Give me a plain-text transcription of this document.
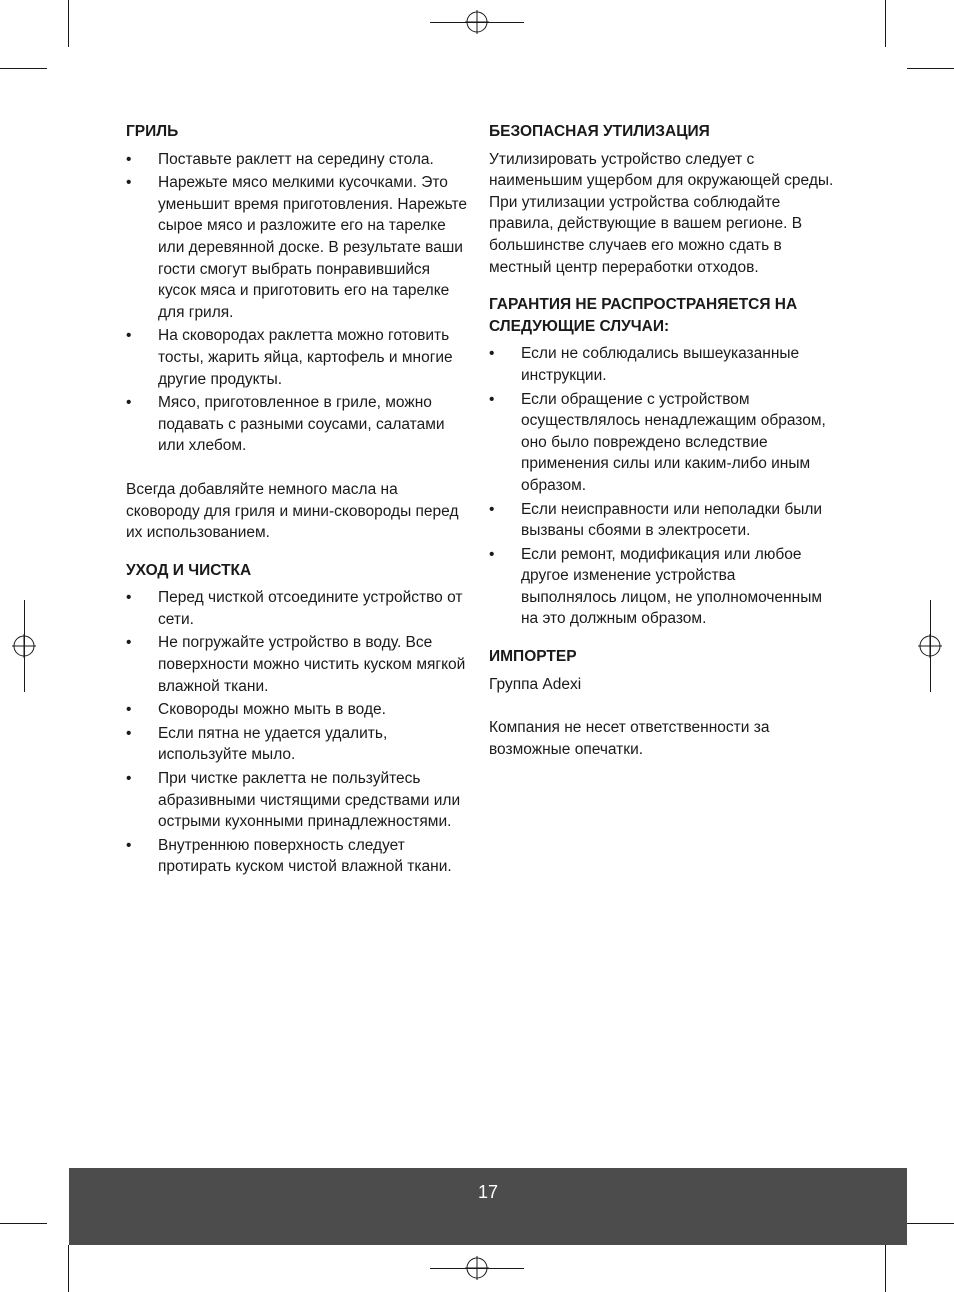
ГРИЛЬ
• Поставьте раклетт на середину стола.
• Нарежьте мясо мелкими кусочками. Это уменьшит время приготовления. Нарежьте сырое мясо и разложите его на тарелке или деревянной доске. В результате ваши гости смогут выбрать понравившийся кусок мяса и приготовить его на тарелке для гриля.
• На сковородах раклетта можно готовить тосты, жарить яйца, картофель и многие другие продукты.
• Мясо, приготовленное в гриле, можно подавать с разными соусами, салатами или хлебом.

Всегда добавляйте немного масла на сковороду для гриля и мини-сковороды перед их использованием.

УХОД И ЧИСТКА
• Перед чисткой отсоедините устройство от сети.
• Не погружайте устройство в воду. Все поверхности можно чистить куском мягкой влажной ткани.
• Сковороды можно мыть в воде.
• Если пятна не удается удалить, используйте мыло.
• При чистке раклетта не пользуйтесь абразивными чистящими средствами или острыми кухонными принадлежностями.
• Внутреннюю поверхность следует протирать куском чистой влажной ткани.
БЕЗОПАСНАЯ УТИЛИЗАЦИЯ

Утилизировать устройство следует с наименьшим ущербом для окружающей среды. При утилизации устройства соблюдайте правила, действующие в вашем регионе. В большинстве случаев его можно сдать в местный центр переработки отходов.

ГАРАНТИЯ НЕ РАСПРОСТРАНЯЕТСЯ НА СЛЕДУЮЩИЕ СЛУЧАИ:
• Если не соблюдались вышеуказанные инструкции.
• Если обращение с устройством осуществлялось ненадлежащим образом, оно было повреждено вследствие применения силы или каким-либо иным образом.
• Если неисправности или неполадки были вызваны сбоями в электросети.
• Если ремонт, модификация или любое другое изменение устройства выполнялось лицом, не уполномоченным на это должным образом.
ИМПОРТЕР

Группа Adexi

Компания не несет ответственности за возможные опечатки.

17
